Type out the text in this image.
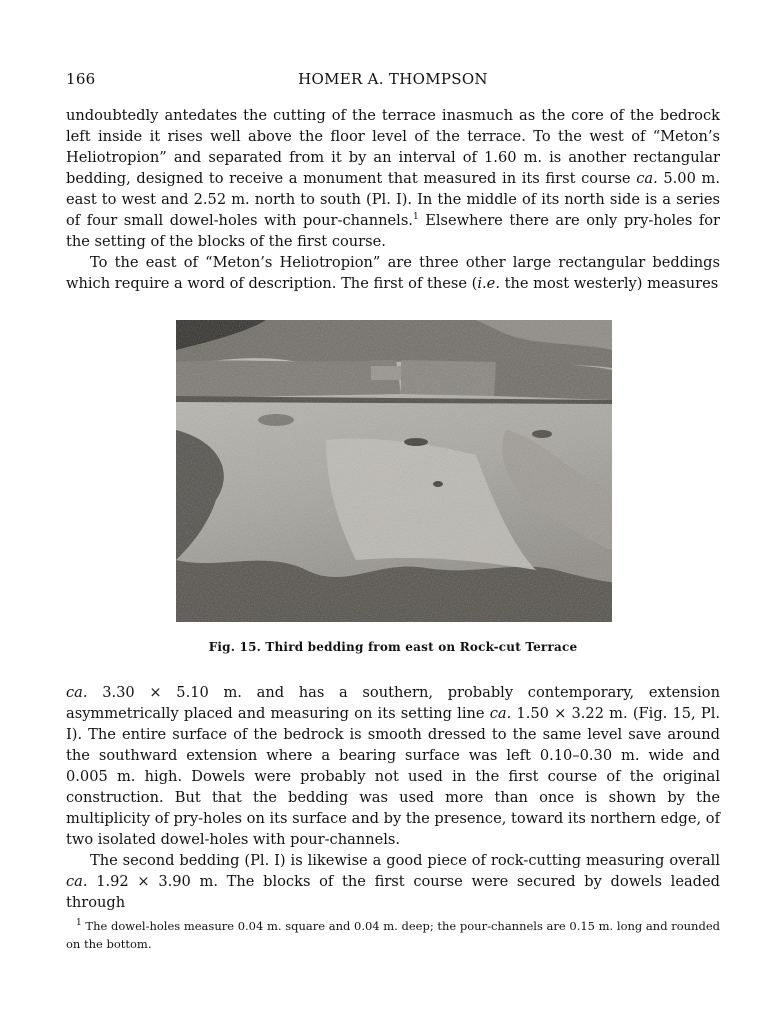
166	HOMER A. THOMPSON

undoubtedly antedates the cutting of the terrace inasmuch as the core of the bedrock left inside it rises well above the floor level of the terrace. To the west of “Meton’s Heliotropion” and separated from it by an interval of 1.60 m. is another rectangular bedding, designed to receive a monument that measured in its first course ca. 5.00 m. east to west and 2.52 m. north to south (Pl. I). In the middle of its north side is a series of four small dowel-holes with pour-channels.$^1$ Elsewhere there are only pry-holes for the setting of the blocks of the first course.

To the east of “Meton’s Heliotropion” are three other large rectangular beddings which require a word of description. The first of these (i.e. the most westerly) measures

Fig. 15. Third bedding from east on Rock-cut Terrace

ca. 3.30 × 5.10 m. and has a southern, probably contemporary, extension asymmetrically placed and measuring on its setting line ca. 1.50 × 3.22 m. (Fig. 15, Pl. I). The entire surface of the bedrock is smooth dressed to the same level save around the southward extension where a bearing surface was left 0.10–0.30 m. wide and 0.005 m. high. Dowels were probably not used in the first course of the original construction. But that the bedding was used more than once is shown by the multiplicity of pry-holes on its surface and by the presence, toward its northern edge, of two isolated dowel-holes with pour-channels.

The second bedding (Pl. I) is likewise a good piece of rock-cutting measuring overall ca. 1.92 × 3.90 m. The blocks of the first course were secured by dowels leaded through

$^1$ The dowel-holes measure 0.04 m. square and 0.04 m. deep; the pour-channels are 0.15 m. long and rounded on the bottom.
